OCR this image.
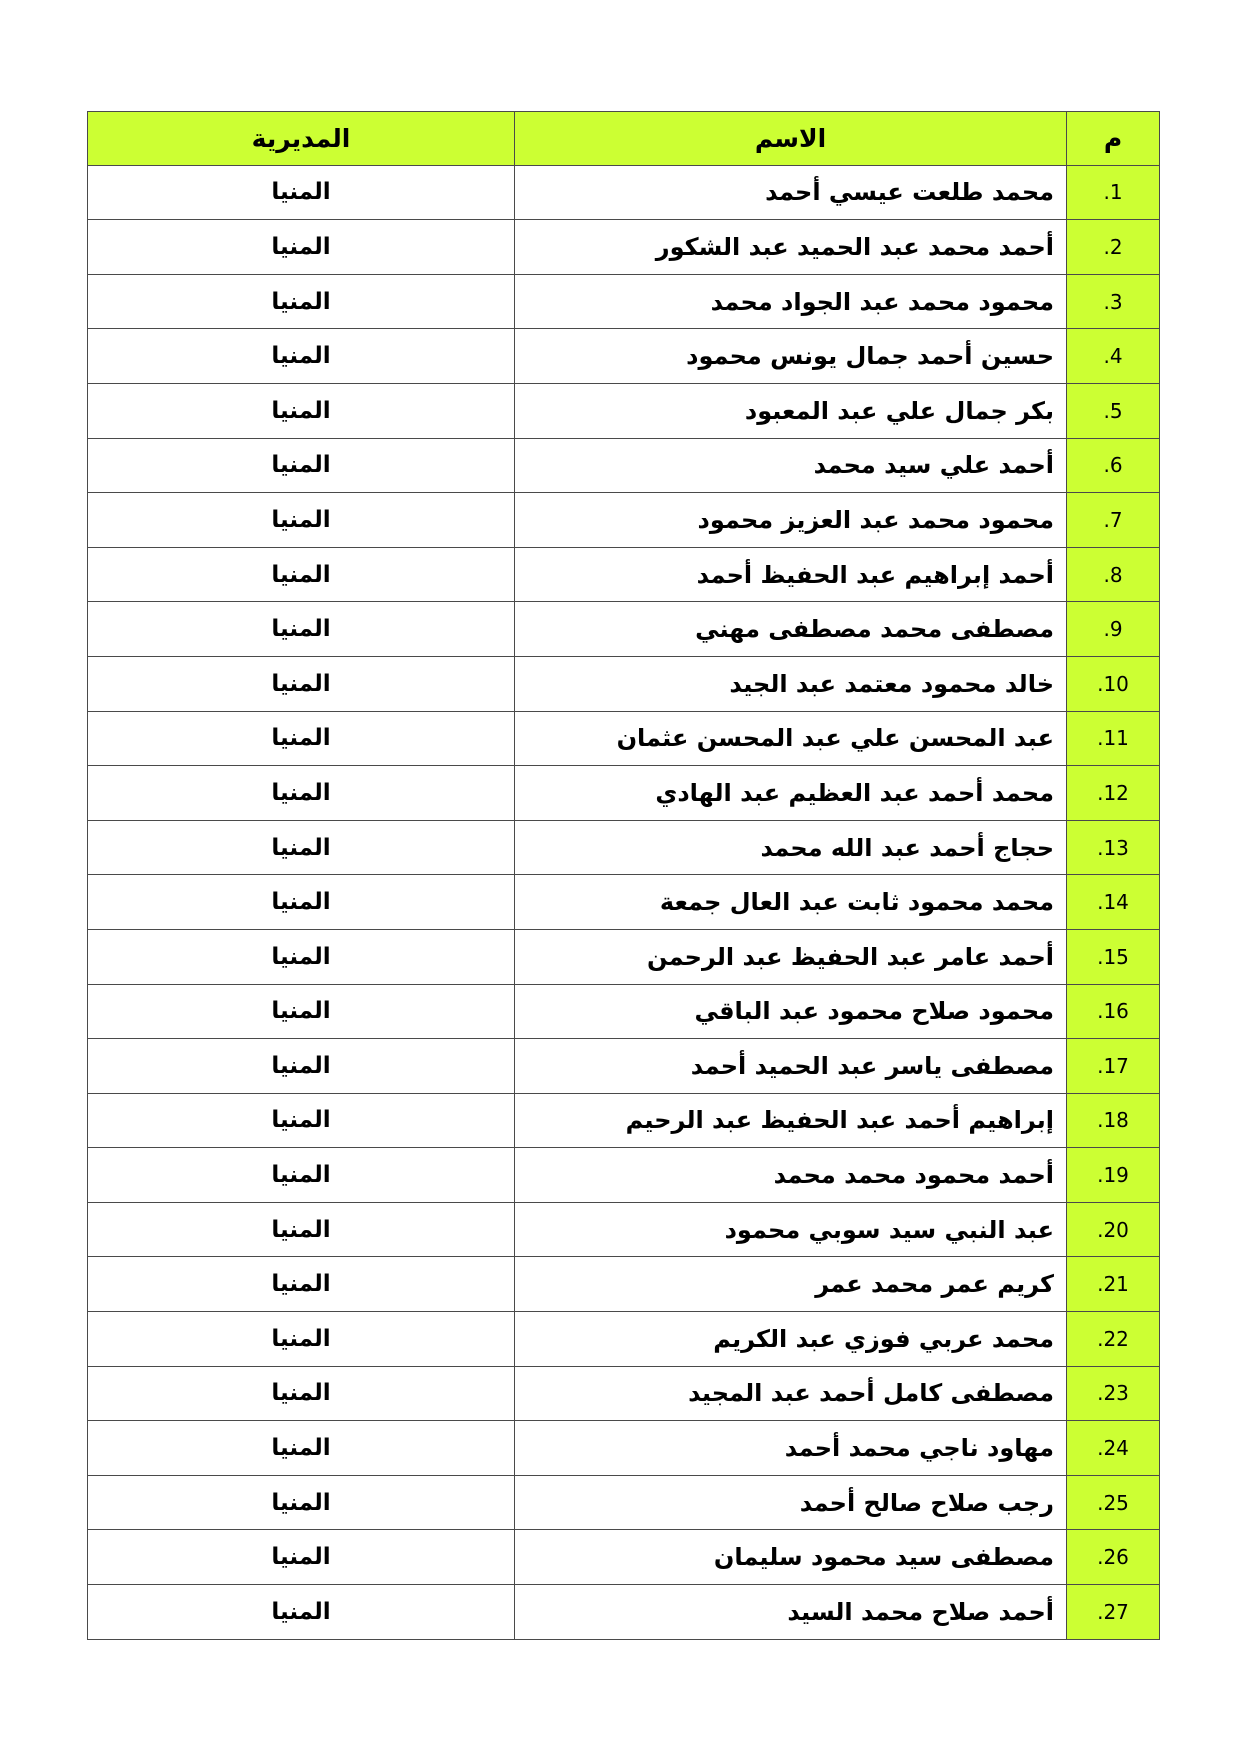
م	الاسم	المديرية
1.	محمد طلعت عيسي أحمد	المنيا
2.	أحمد محمد عبد الحميد عبد الشكور	المنيا
3.	محمود محمد عبد الجواد محمد	المنيا
4.	حسين أحمد جمال يونس محمود	المنيا
5.	بكر جمال علي عبد المعبود	المنيا
6.	أحمد علي سيد محمد	المنيا
7.	محمود محمد عبد العزيز محمود	المنيا
8.	أحمد إبراهيم عبد الحفيظ أحمد	المنيا
9.	مصطفى محمد مصطفى مهني	المنيا
10.	خالد محمود معتمد عبد الجيد	المنيا
11.	عبد المحسن علي عبد المحسن عثمان	المنيا
12.	محمد أحمد عبد العظيم عبد الهادي	المنيا
13.	حجاج أحمد عبد الله محمد	المنيا
14.	محمد محمود ثابت عبد العال جمعة	المنيا
15.	أحمد عامر عبد الحفيظ عبد الرحمن	المنيا
16.	محمود صلاح محمود عبد الباقي	المنيا
17.	مصطفى ياسر عبد الحميد أحمد	المنيا
18.	إبراهيم أحمد عبد الحفيظ عبد الرحيم	المنيا
19.	أحمد محمود محمد محمد	المنيا
20.	عبد النبي سيد سوبي محمود	المنيا
21.	كريم عمر محمد عمر	المنيا
22.	محمد عربي فوزي عبد الكريم	المنيا
23.	مصطفى كامل أحمد عبد المجيد	المنيا
24.	مهاود ناجي محمد أحمد	المنيا
25.	رجب صلاح صالح أحمد	المنيا
26.	مصطفى سيد محمود سليمان	المنيا
27.	أحمد صلاح محمد السيد	المنيا
